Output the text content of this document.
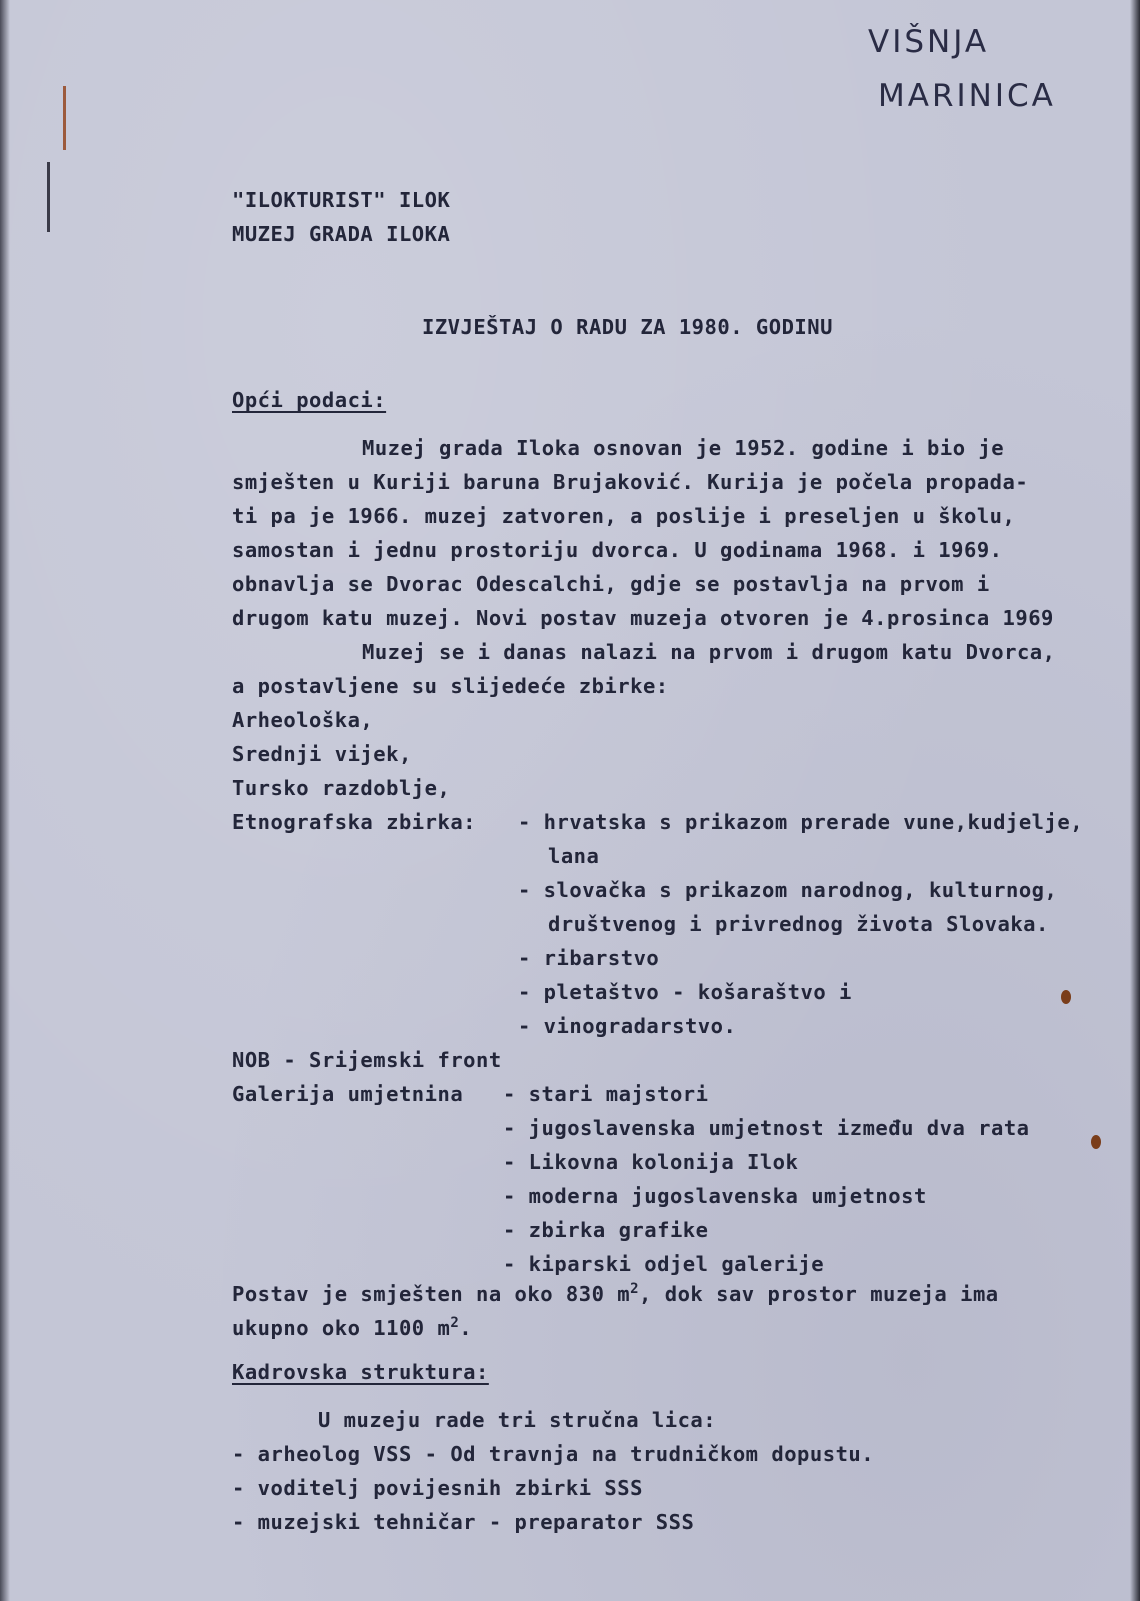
VIŠNJA
MARINICA
"ILOKTURIST" ILOK
MUZEJ GRADA ILOKA
IZVJEŠTAJ O RADU ZA 1980. GODINU
Opći podaci:
Muzej grada Iloka osnovan je 1952. godine i bio je
smješten u Kuriji baruna Brujaković. Kurija je počela propada-
ti pa je 1966. muzej zatvoren, a poslije i preseljen u školu,
samostan i jednu prostoriju dvorca. U godinama 1968. i 1969.
obnavlja se Dvorac Odescalchi, gdje se postavlja na prvom i
drugom katu muzej. Novi postav muzeja otvoren je 4.prosinca 1969
Muzej se i danas nalazi na prvom i drugom katu Dvorca,
a postavljene su slijedeće zbirke:
Arheološka,
Srednji vijek,
Tursko razdoblje,
Etnografska zbirka: - hrvatska s prikazom prerade vune,kudjelje,
lana
- slovačka s prikazom narodnog, kulturnog,
društvenog i privrednog života Slovaka.
- ribarstvo
- pletaštvo - košaraštvo i
- vinogradarstvo.
NOB - Srijemski front
Galerija umjetnina - stari majstori
- jugoslavenska umjetnost između dva rata
- Likovna kolonija Ilok
- moderna jugoslavenska umjetnost
- zbirka grafike
- kiparski odjel galerije
Postav je smješten na oko 830 $m^2$, dok sav prostor muzeja ima
ukupno oko 1100 $m^2$.
Kadrovska struktura:
U muzeju rade tri stručna lica:
- arheolog VSS - Od travnja na trudničkom dopustu.
- voditelj povijesnih zbirki SSS
- muzejski tehničar - preparator SSS
